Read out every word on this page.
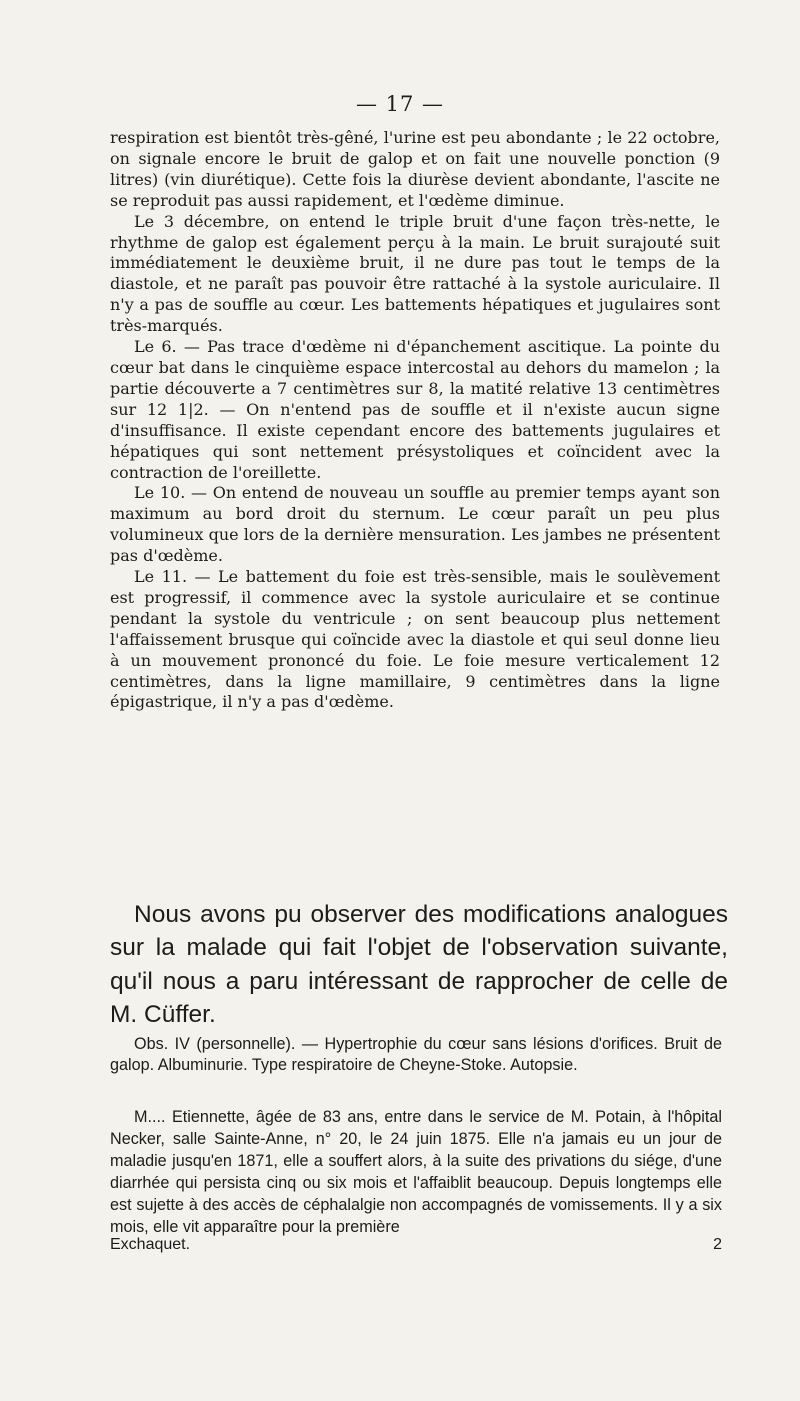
— 17 —

respiration est bientôt très-gêné, l'urine est peu abondante ; le 22 octobre, on signale encore le bruit de galop et on fait une nouvelle ponction (9 litres) (vin diurétique). Cette fois la diurèse devient abondante, l'ascite ne se reproduit pas aussi rapidement, et l'œdème diminue.

Le 3 décembre, on entend le triple bruit d'une façon très-nette, le rhythme de galop est également perçu à la main. Le bruit surajouté suit immédiatement le deuxième bruit, il ne dure pas tout le temps de la diastole, et ne paraît pas pouvoir être rattaché à la systole auriculaire. Il n'y a pas de souffle au cœur. Les battements hépatiques et jugulaires sont très-marqués.

Le 6. — Pas trace d'œdème ni d'épanchement ascitique. La pointe du cœur bat dans le cinquième espace intercostal au dehors du mamelon ; la partie découverte a 7 centimètres sur 8, la matité relative 13 centimètres sur 12 1|2. — On n'entend pas de souffle et il n'existe aucun signe d'insuffisance. Il existe cependant encore des battements jugulaires et hépatiques qui sont nettement présystoliques et coïncident avec la contraction de l'oreillette.

Le 10. — On entend de nouveau un souffle au premier temps ayant son maximum au bord droit du sternum. Le cœur paraît un peu plus volumineux que lors de la dernière mensuration. Les jambes ne présentent pas d'œdème.

Le 11. — Le battement du foie est très-sensible, mais le soulèvement est progressif, il commence avec la systole auriculaire et se continue pendant la systole du ventricule ; on sent beaucoup plus nettement l'affaissement brusque qui coïncide avec la diastole et qui seul donne lieu à un mouvement prononcé du foie. Le foie mesure verticalement 12 centimètres, dans la ligne mamillaire, 9 centimètres dans la ligne épigastrique, il n'y a pas d'œdème.

Nous avons pu observer des modifications analogues sur la malade qui fait l'objet de l'observation suivante, qu'il nous a paru intéressant de rapprocher de celle de M. Cüffer.

Obs. IV (personnelle). — Hypertrophie du cœur sans lésions d'orifices. Bruit de galop. Albuminurie. Type respiratoire de Cheyne-Stoke. Autopsie.

M.... Etiennette, âgée de 83 ans, entre dans le service de M. Potain, à l'hôpital Necker, salle Sainte-Anne, n° 20, le 24 juin 1875. Elle n'a jamais eu un jour de maladie jusqu'en 1871, elle a souffert alors, à la suite des privations du siége, d'une diarrhée qui persista cinq ou six mois et l'affaiblit beaucoup. Depuis longtemps elle est sujette à des accès de céphalalgie non accompagnés de vomissements. Il y a six mois, elle vit apparaître pour la première

Exchaquet.	2
